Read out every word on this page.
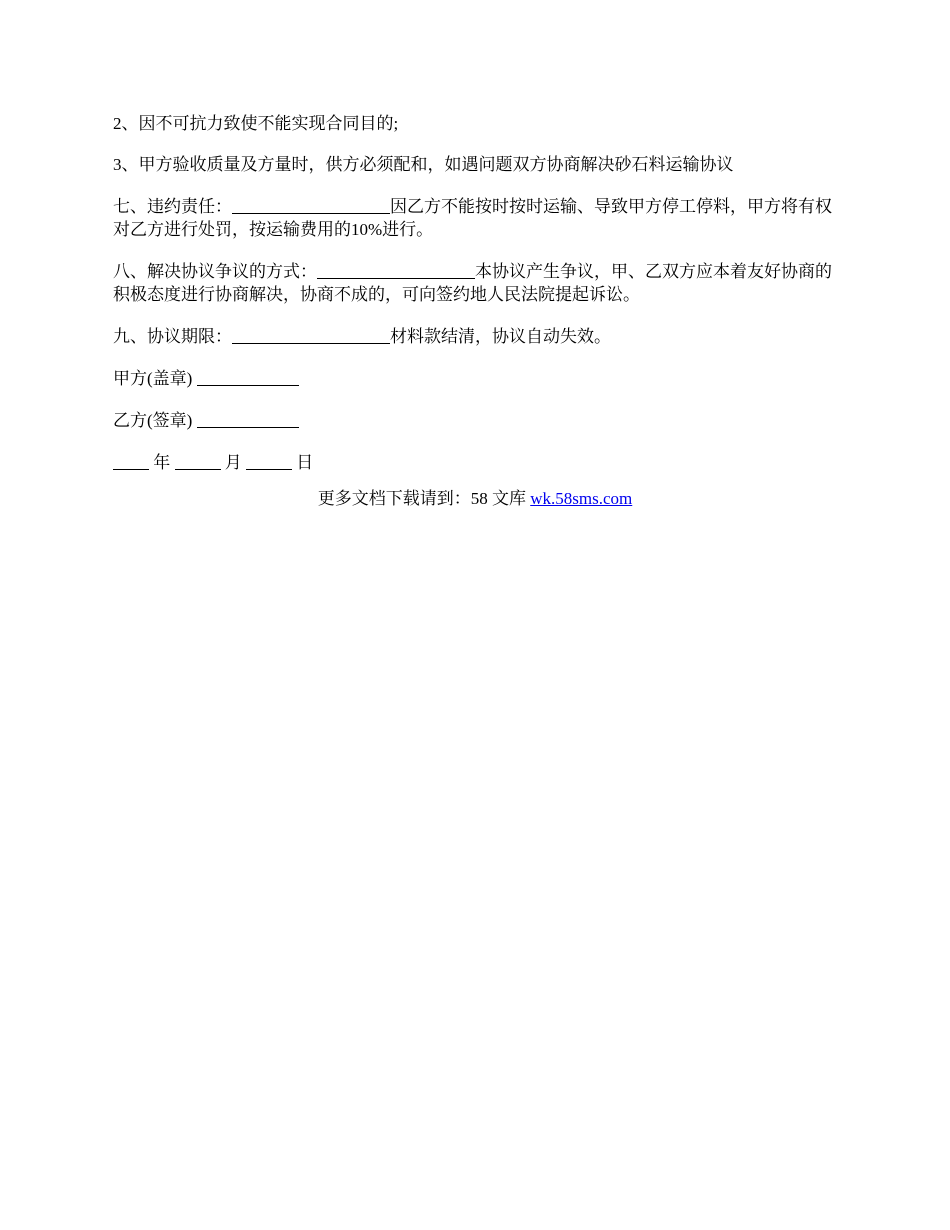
2、因不可抗力致使不能实现合同目的;

3、甲方验收质量及方量时，供方必须配和，如遇问题双方协商解决砂石料运输协议

七、违约责任：	因乙方不能按时按时运输、导致甲方停工停料，甲方将有权对乙方进行处罚，按运输费用的10%进行。

八、解决协议争议的方式：	本协议产生争议，甲、乙双方应本着友好协商的积极态度进行协商解决，协商不成的，可向签约地人民法院提起诉讼。

九、协议期限：	材料款结清，协议自动失效。

甲方(盖章)

乙方(签章)

年	月	日

更多文档下载请到：58 文库 wk.58sms.com
